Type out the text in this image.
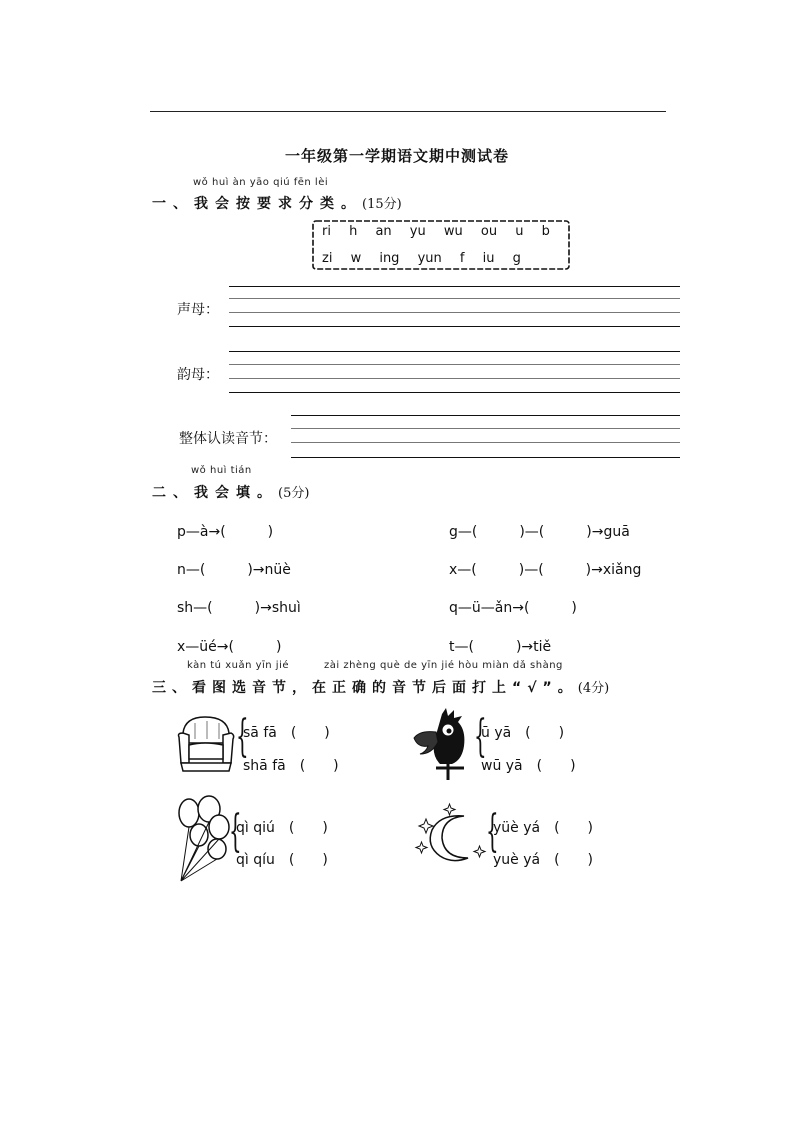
一年级第一学期语文期中测试卷
wǒ huì àn yāo qiú fēn lèi
一、我会按要求分类。(15分)
ri h an yu wu ou u b
zi w ing yun f iu g
声母：
韵母：
整体认读音节：
wǒ huì tián
二、我会填。(5分)
p—à→(　　　)	g—(　　　)—(　　　)→guā
n—(　　　)→nüè	x—(　　　)—(　　　)→xiǎng
sh—(　　　)→shuì	q—ü—ǎn→(　　　)
x—üé→(　　　)	t—(　　　)→tiě
kàn tú xuǎn yīn jié	zài zhèng què de yīn jié hòu miàn dǎ shàng
三、看图选音节，在正确的音节后面打上“√”。(4分)
{
sā fā　(　　)
shā fā　(　　)
{
ū yā　(　　)
wū yā　(　　)
{
qì qiú　(　　)
qì qíu　(　　)
{
yüè yá　(　　)
yuè yá　(　　)
